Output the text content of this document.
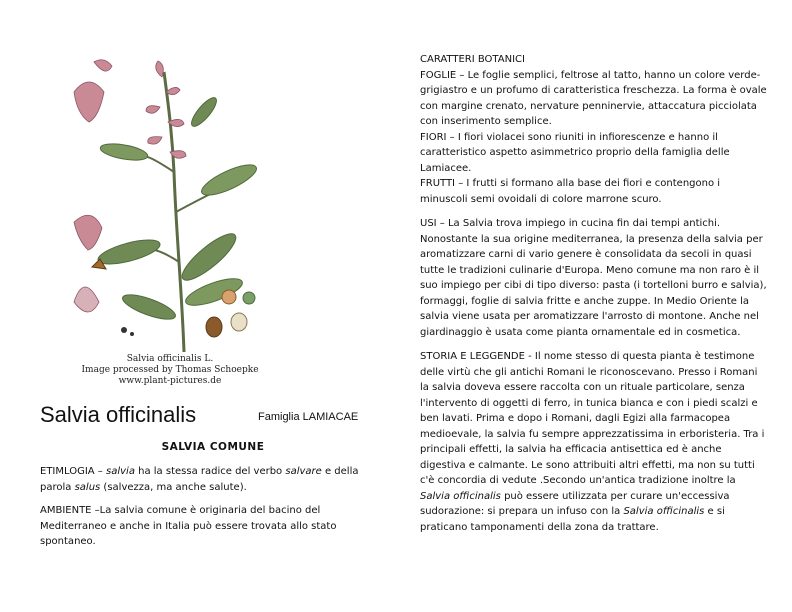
Salvia officinalis L.
Image processed by Thomas Schoepke
www.plant-pictures.de
Salvia officinalis	Famiglia LAMIACAE
SALVIA COMUNE

ETIMLOGIA – salvia ha la stessa radice del verbo salvare e della parola salus (salvezza, ma anche salute).

AMBIENTE –La salvia comune è originaria del bacino del Mediterraneo e anche in Italia può essere trovata allo stato spontaneo.

CARATTERI BOTANICI
FOGLIE – Le foglie semplici, feltrose al tatto, hanno un colore verde-grigiastro e un profumo di caratteristica freschezza. La forma è ovale con margine crenato, nervature penninervie, attaccatura picciolata con inserimento semplice.
FIORI – I fiori violacei sono riuniti in infiorescenze e hanno il caratteristico aspetto asimmetrico proprio della famiglia delle Lamiacee.
FRUTTI – I frutti si formano alla base dei fiori e contengono i minuscoli semi ovoidali di colore marrone scuro.
USI – La Salvia trova impiego in cucina fin dai tempi antichi. Nonostante la sua origine mediterranea, la presenza della salvia per aromatizzare carni di vario genere è consolidata da secoli in quasi tutte le tradizioni culinarie d'Europa. Meno comune ma non raro è il suo impiego per cibi di tipo diverso: pasta (i tortelloni burro e salvia), formaggi, foglie di salvia fritte e anche zuppe. In Medio Oriente la salvia viene usata per aromatizzare l'arrosto di montone. Anche nel giardinaggio è usata come pianta ornamentale ed in cosmetica.
STORIA E LEGGENDE - Il nome stesso di questa pianta è testimone delle virtù che gli antichi Romani le riconoscevano. Presso i Romani la salvia doveva essere raccolta con un rituale particolare, senza l'intervento di oggetti di ferro, in tunica bianca e con i piedi scalzi e ben lavati. Prima e dopo i Romani, dagli Egizi alla farmacopea medioevale, la salvia fu sempre apprezzatissima in erboristeria. Tra i principali effetti, la salvia ha efficacia antisettica ed è anche digestiva e calmante. Le sono attribuiti altri effetti, ma non su tutti c'è concordia di vedute .Secondo un'antica tradizione inoltre la Salvia officinalis può essere utilizzata per curare un'eccessiva sudorazione: si prepara un infuso con la Salvia officinalis e si praticano tamponamenti della zona da trattare.
